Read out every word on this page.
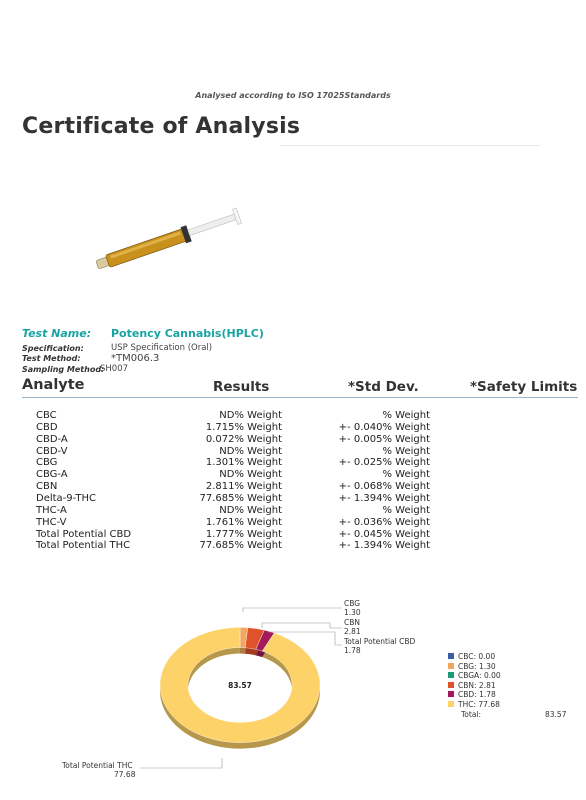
Analysed according to ISO 17025Standards
Certificate of Analysis
Test Name: Potency Cannabis(HPLC)
Specification:	USP Specification (Oral)
Test Method:	*TM006.3
Sampling Method:
SH007
Analyte	Results	*Std Dev.	*Safety Limits
CBC	ND% Weight	% Weight
CBD	1.715% Weight	+- 0.040% Weight
CBD-A	0.072% Weight	+- 0.005% Weight
CBD-V	ND% Weight	% Weight
CBG	1.301% Weight	+- 0.025% Weight
CBG-A	ND% Weight	% Weight
CBN	2.811% Weight	+- 0.068% Weight
Delta-9-THC	77.685% Weight	+- 1.394% Weight
THC-A	ND% Weight	% Weight
THC-V	1.761% Weight	+- 0.036% Weight
Total Potential CBD	1.777% Weight	+- 0.045% Weight
Total Potential THC	77.685% Weight	+- 1.394% Weight
83.57
CBG
1.30
CBN
2.81
Total Potential CBD
1.78
Total Potential THC
77.68
CBC: 0.00
CBG: 1.30
CBGA: 0.00
CBN: 2.81
CBD: 1.78
THC: 77.68
Total:	83.57
